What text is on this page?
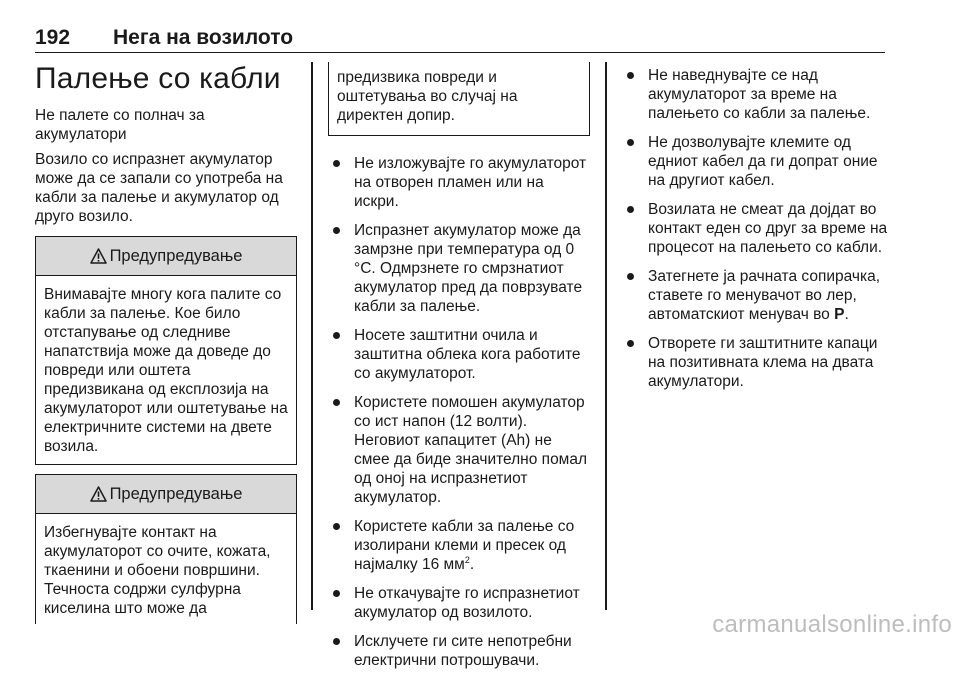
192 Нега на возилото
Палење со кабли

Не палете со полнач за акумулатори

Возило со испразнет акумулатор може да се запали со употреба на кабли за палење и акумулатор од друго возило.

Предупредување
Внимавајте многу кога палите со кабли за палење. Кое било отстапување од следниве напатствија може да доведе до повреди или оштета предизвикана од експлозија на акумулаторот или оштетување на електричните системи на двете возила.
Предупредување
Избегнувајте контакт на акумулаторот со очите, кожата, ткаенини и обоени површини. Течноста содржи сулфурна киселина што може да
предизвика повреди и оштетувања во случај на директен допир.
Не изложувајте го акумулаторот на отворен пламен или на искри.
Испразнет акумулатор може да замрзне при температура од 0 °C. Одмрзнете го смрзнатиот акумулатор пред да поврзувате кабли за палење.
Носете заштитни очила и заштитна облека кога работите со акумулаторот.
Користете помошен акумулатор со ист напон (12 волти). Неговиот капацитет (Ah) не смее да биде значително помал од оној на испразнетиот акумулатор.
Користете кабли за палење со изолирани клеми и пресек од најмалку 16 $мм^2$.
Не откачувајте го испразнетиот акумулатор од возилото.
Исклучете ги сите непотребни електрични потрошувачи.
Не наведнувајте се над акумулаторот за време на палењето со кабли за палење.
Не дозволувајте клемите од едниот кабел да ги допрат оние на другиот кабел.
Возилата не смеат да дојдат во контакт еден со друг за време на процесот на палењето со кабли.
Затегнете ја рачната сопирачка, ставете го менувачот во лер, автоматскиот менувач во P.
Отворете ги заштитните капаци на позитивната клема на двата акумулатори.
carmanualsonline.info
